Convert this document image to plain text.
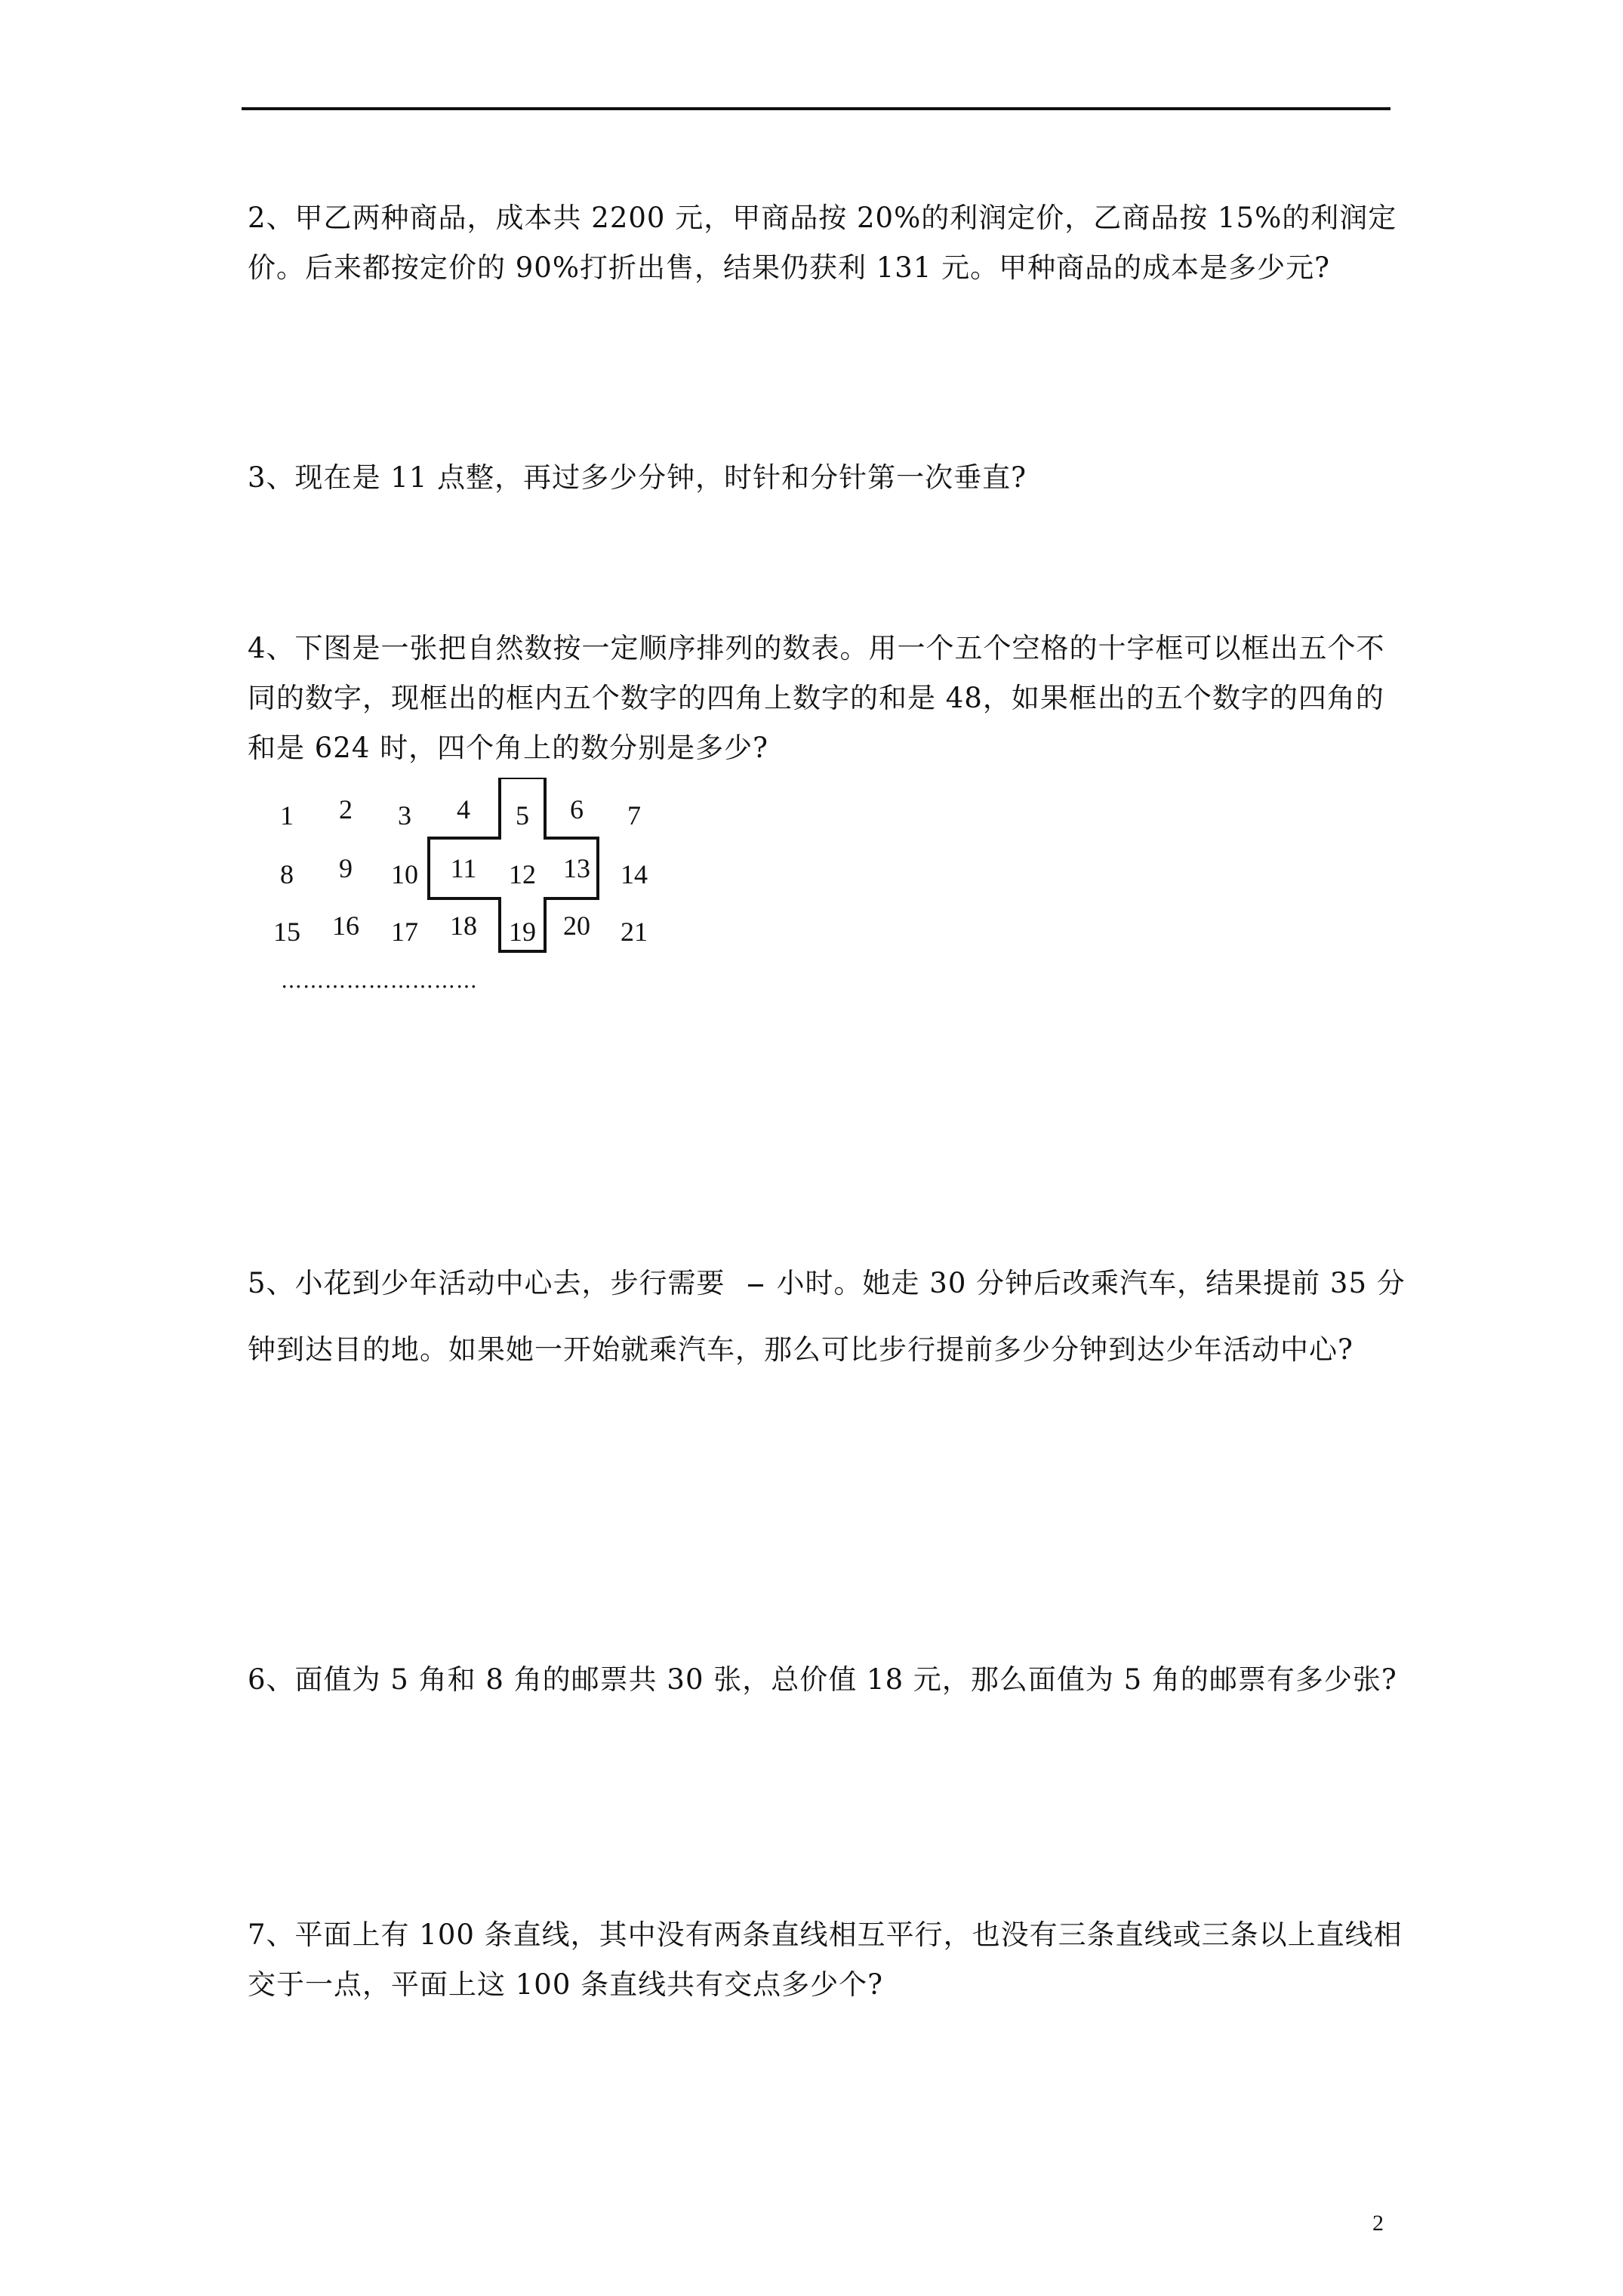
2、甲乙两种商品，成本共 2200 元，甲商品按 20%的利润定价，乙商品按 15%的利润定

价。后来都按定价的 90%打折出售，结果仍获利 131 元。甲种商品的成本是多少元?

3、现在是 11 点整，再过多少分钟，时针和分针第一次垂直?

4、下图是一张把自然数按一定顺序排列的数表。用一个五个空格的十字框可以框出五个不

同的数字，现框出的框内五个数字的四角上数字的和是 48，如果框出的五个数字的四角的

和是 624 时，四个角上的数分别是多少?

1 2 3 4 5 6 7
8 9 10 11 12 13 14
15 16 17 18 19 20 21
………………………

5、小花到少年活动中心去，步行需要 小时。她走 30 分钟后改乘汽车，结果提前 35 分

钟到达目的地。如果她一开始就乘汽车，那么可比步行提前多少分钟到达少年活动中心?

6、面值为 5 角和 8 角的邮票共 30 张，总价值 18 元，那么面值为 5 角的邮票有多少张?

7、平面上有 100 条直线，其中没有两条直线相互平行，也没有三条直线或三条以上直线相

交于一点，平面上这 100 条直线共有交点多少个?

2
